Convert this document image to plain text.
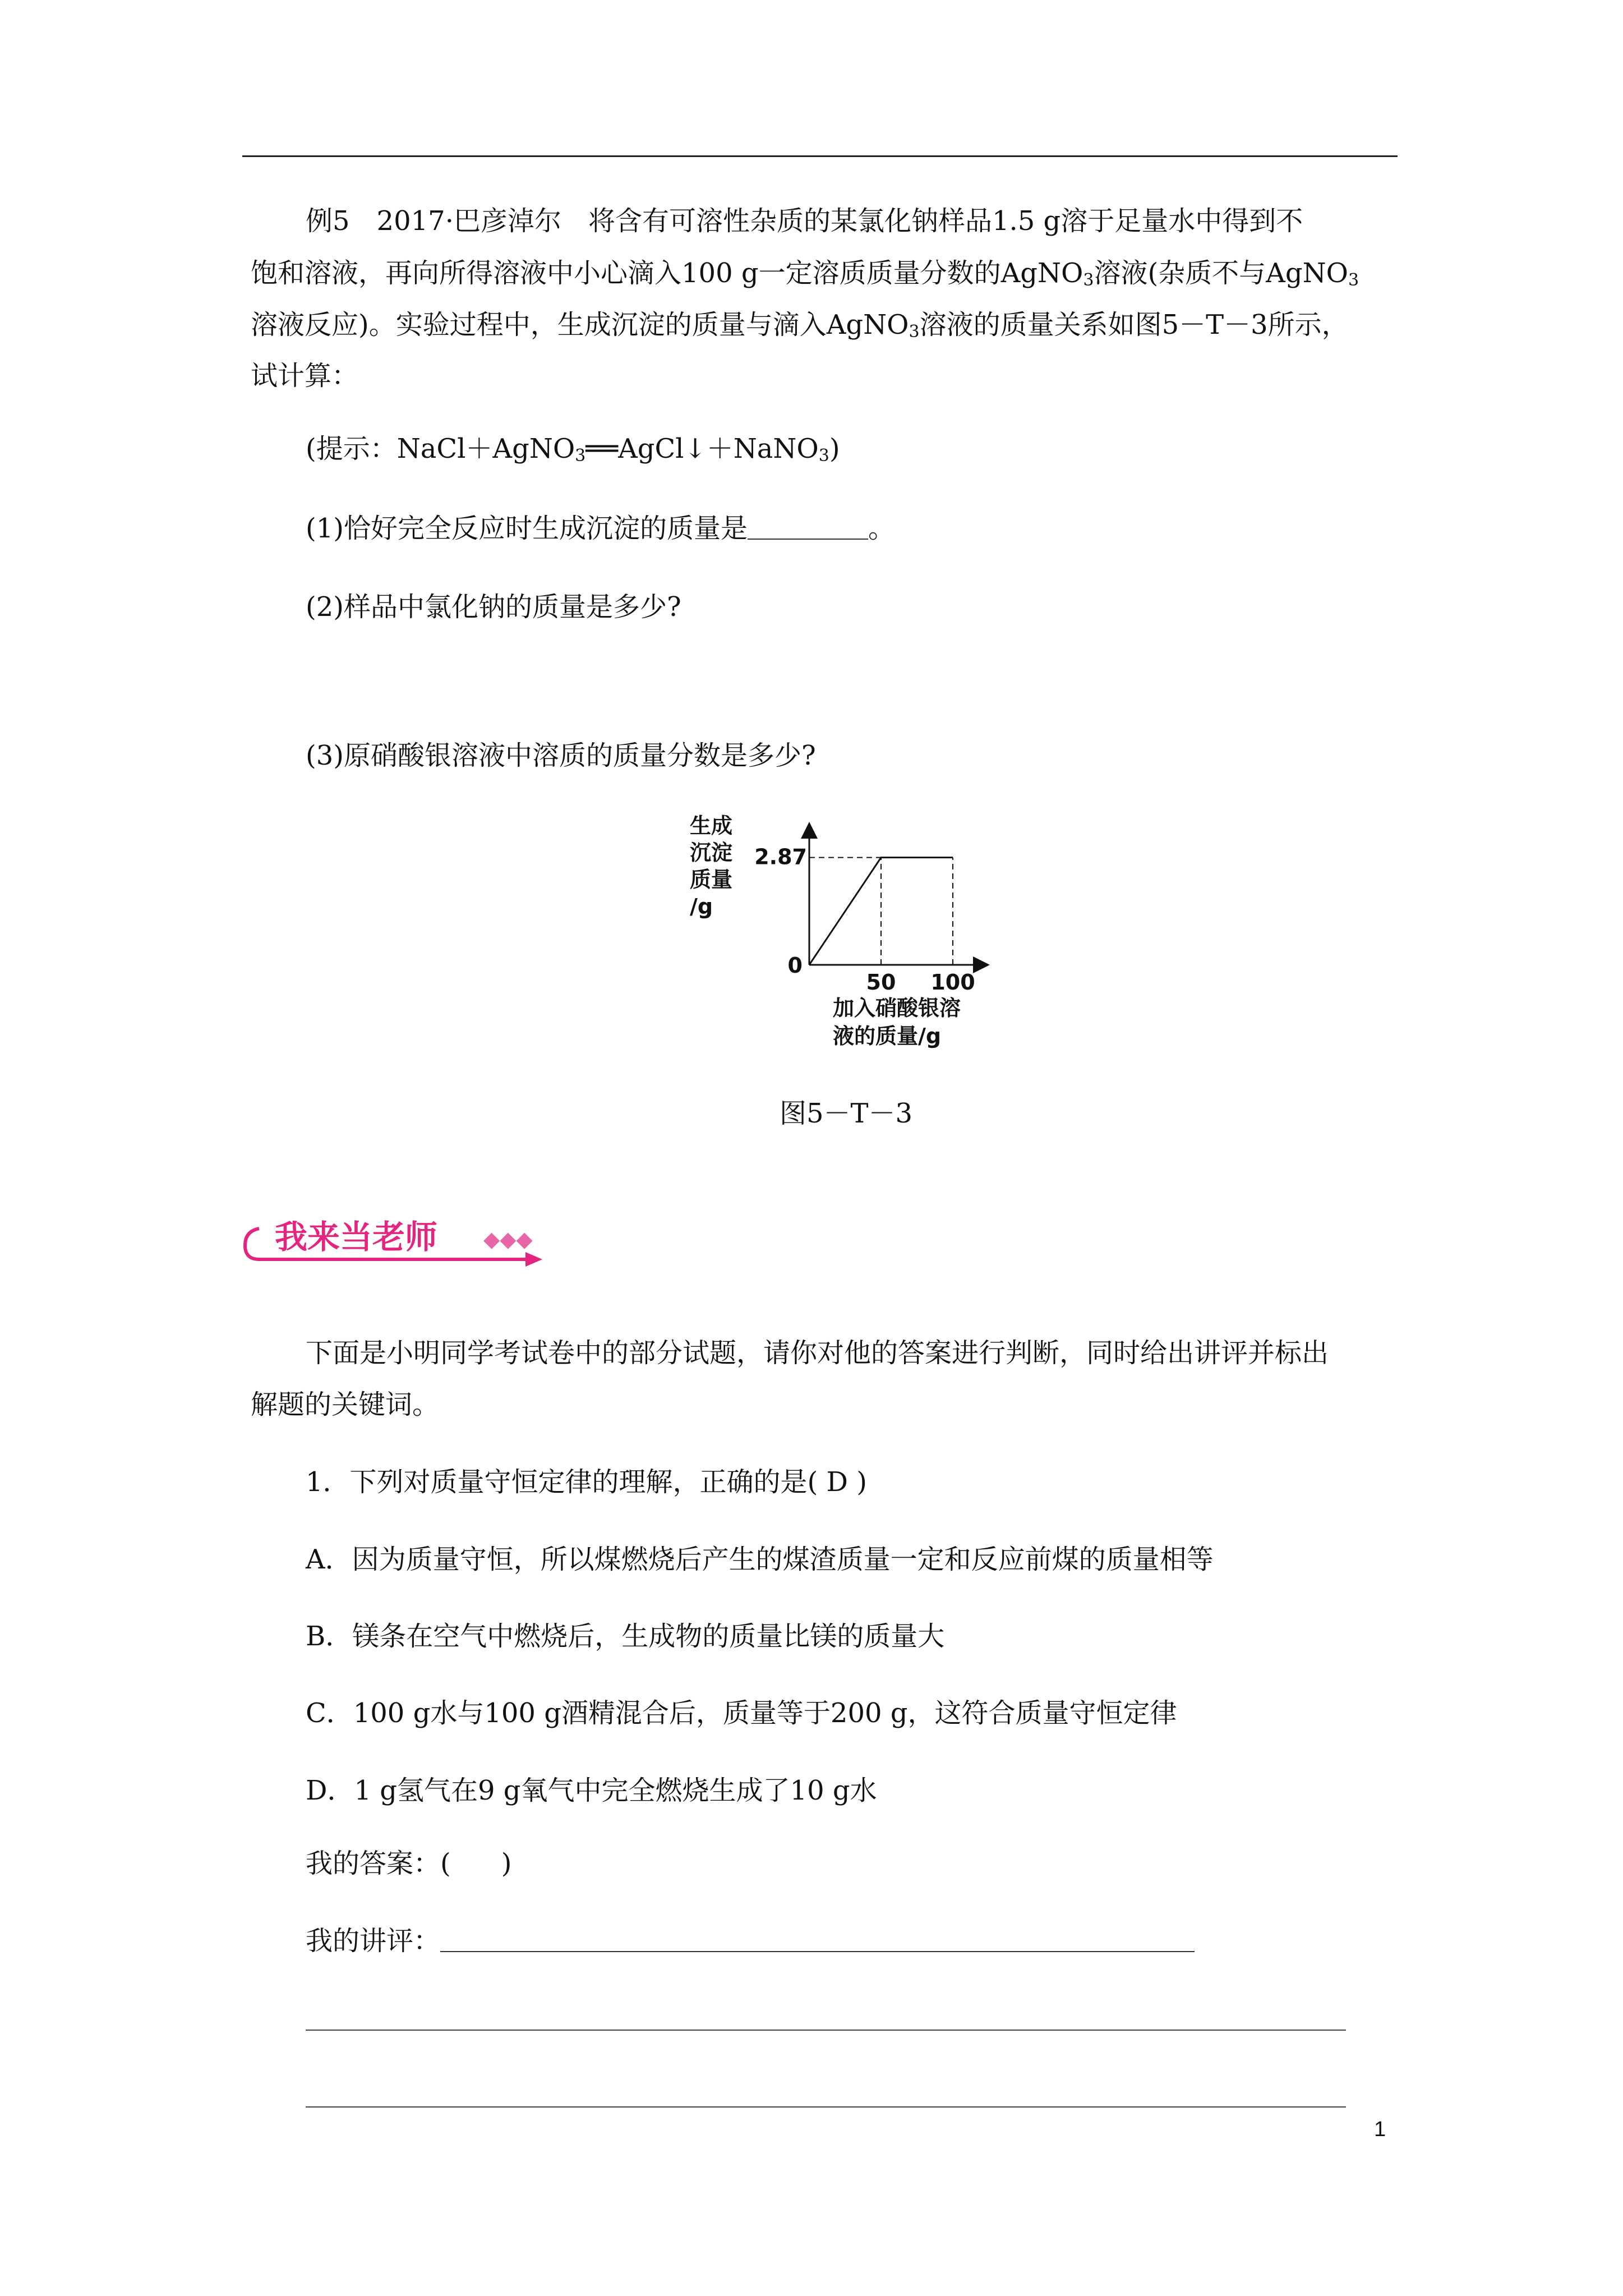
例5　2017·巴彦淖尔　将含有可溶性杂质的某氯化钠样品1.5 g溶于足量水中得到不
饱和溶液，再向所得溶液中小心滴入100 g一定溶质质量分数的AgNO$_3$溶液(杂质不与AgNO$_3$
溶液反应)。实验过程中，生成沉淀的质量与滴入AgNO$_3$溶液的质量关系如图5－T－3所示，
试计算：
(提示：NaCl＋AgNO$_3$══AgCl↓＋NaNO$_3$)
(1)恰好完全反应时生成沉淀的质量是	。
(2)样品中氯化钠的质量是多少?
(3)原硝酸银溶液中溶质的质量分数是多少?
生成
沉淀
质量
/g
0
50 100
2.87
加入硝酸银溶
液的质量/g
图5－T－3
我来当老师 ◆◆◆
下面是小明同学考试卷中的部分试题，请你对他的答案进行判断，同时给出讲评并标出
解题的关键词。
1．下列对质量守恒定律的理解，正确的是( D )
A．因为质量守恒，所以煤燃烧后产生的煤渣质量一定和反应前煤的质量相等
B．镁条在空气中燃烧后，生成物的质量比镁的质量大
C．100 g水与100 g酒精混合后，质量等于200 g，这符合质量守恒定律
D．1 g氢气在9 g氧气中完全燃烧生成了10 g水
我的答案：( )
我的讲评：
1
